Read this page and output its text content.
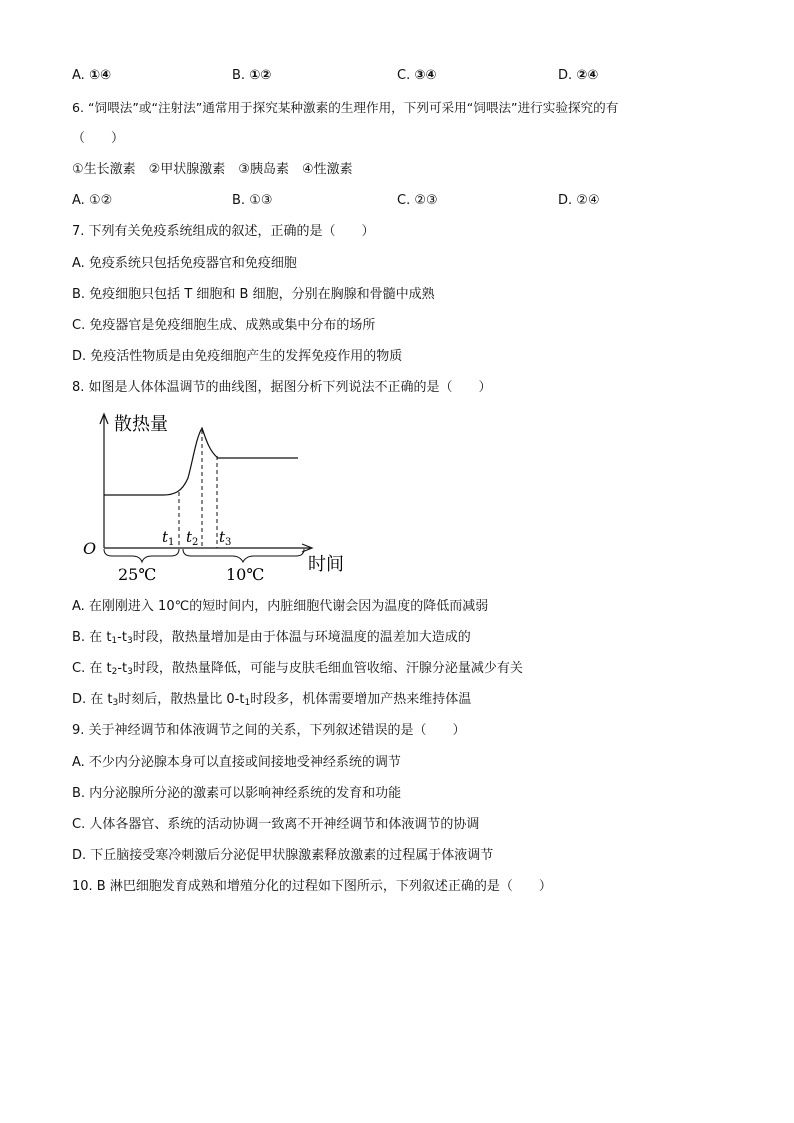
A. ①④	B. ①②	C. ③④	D. ②④
6. “饲喂法”或“注射法”通常用于探究某种激素的生理作用，下列可采用“饲喂法”进行实验探究的有
（　　）
①生长激素　②甲状腺激素　③胰岛素　④性激素
A. ①②	B. ①③	C. ②③	D. ②④
7. 下列有关免疫系统组成的叙述，正确的是（　　）
A. 免疫系统只包括免疫器官和免疫细胞
B. 免疫细胞只包括 T 细胞和 B 细胞，分别在胸腺和骨髓中成熟
C. 免疫器官是免疫细胞生成、成熟或集中分布的场所
D. 免疫活性物质是由免疫细胞产生的发挥免疫作用的物质
8. 如图是人体体温调节的曲线图，据图分析下列说法不正确的是（　　）
散热量
时间
O
$t_1$ $t_2$ $t_3$
25℃	10℃
A. 在刚刚进入 10℃的短时间内，内脏细胞代谢会因为温度的降低而减弱
B. 在 $t_1-t_3$时段，散热量增加是由于体温与环境温度的温差加大造成的
C. 在 $t_2-t_3$时段，散热量降低，可能与皮肤毛细血管收缩、汗腺分泌量减少有关
D. 在 $t_3$时刻后，散热量比 $0-t_1$时段多，机体需要增加产热来维持体温
9. 关于神经调节和体液调节之间的关系，下列叙述错误的是（　　）
A. 不少内分泌腺本身可以直接或间接地受神经系统的调节
B. 内分泌腺所分泌的激素可以影响神经系统的发育和功能
C. 人体各器官、系统的活动协调一致离不开神经调节和体液调节的协调
D. 下丘脑接受寒冷刺激后分泌促甲状腺激素释放激素的过程属于体液调节
10. B 淋巴细胞发育成熟和增殖分化的过程如下图所示，下列叙述正确的是（　　）
